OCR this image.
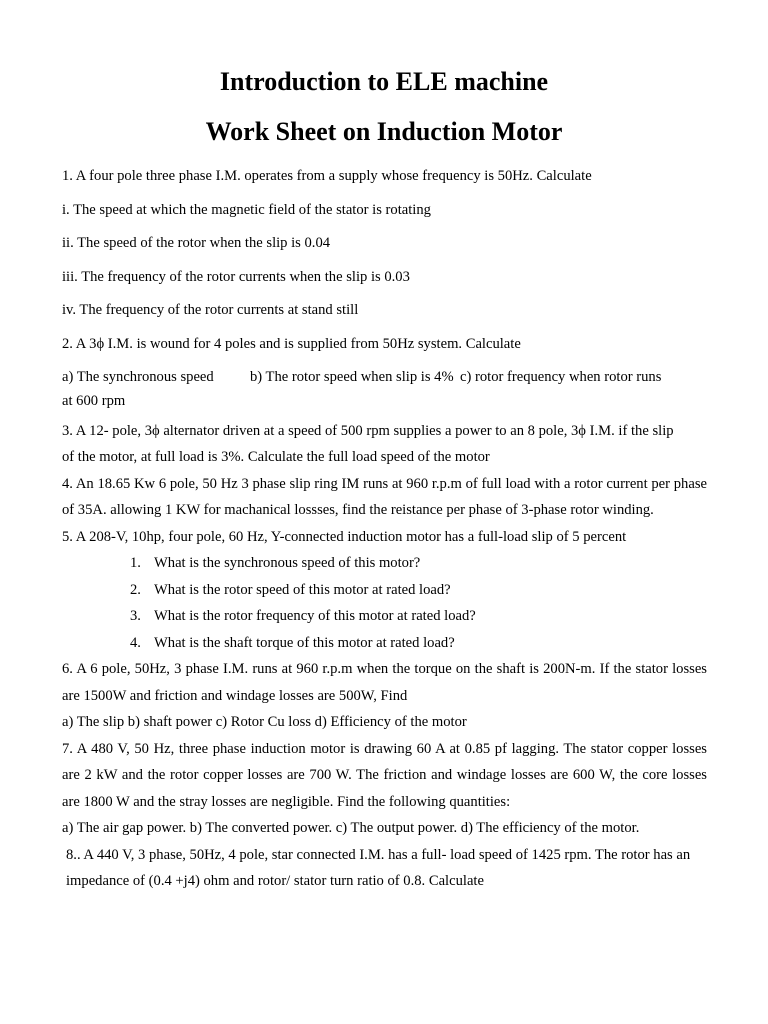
Introduction to ELE machine
Work Sheet on Induction Motor

1. A four pole three phase I.M. operates from a supply whose frequency is 50Hz. Calculate

i. The speed at which the magnetic field of the stator is rotating

ii. The speed of the rotor when the slip is 0.04

iii. The frequency of the rotor currents when the slip is 0.03

iv. The frequency of the rotor currents at stand still

2. A 3ϕ I.M. is wound for 4 poles and is supplied from 50Hz system. Calculate

a) The synchronous speed	b) The rotor speed when slip is 4% c) rotor frequency when rotor runs

at 600 rpm

3. A 12- pole, 3ϕ alternator driven at a speed of 500 rpm supplies a power to an 8 pole, 3ϕ I.M. if the slip

of the motor, at full load is 3%. Calculate the full load speed of the motor

4. An 18.65 Kw 6 pole, 50 Hz 3 phase slip ring IM runs at 960 r.p.m of full load with a rotor current per phase of 35A. allowing 1 KW for machanical lossses, find the reistance per phase of 3-phase rotor winding.

5. A 208-V, 10hp, four pole, 60 Hz, Y-connected induction motor has a full-load slip of 5 percent

1. What is the synchronous speed of this motor?
2. What is the rotor speed of this motor at rated load?
3. What is the rotor frequency of this motor at rated load?
4. What is the shaft torque of this motor at rated load?

6. A 6 pole, 50Hz, 3 phase I.M. runs at 960 r.p.m when the torque on the shaft is 200N-m. If the stator losses are 1500W and friction and windage losses are 500W, Find

a) The slip b) shaft power c) Rotor Cu loss d) Efficiency of the motor

7. A 480 V, 50 Hz, three phase induction motor is drawing 60 A at 0.85 pf lagging. The stator copper losses are 2 kW and the rotor copper losses are 700 W. The friction and windage losses are 600 W, the core losses are 1800 W and the stray losses are negligible. Find the following quantities:

a) The air gap power. b) The converted power. c) The output power. d) The efficiency of the motor.

8.. A 440 V, 3 phase, 50Hz, 4 pole, star connected I.M. has a full- load speed of 1425 rpm. The rotor has an impedance of (0.4 +j4) ohm and rotor/ stator turn ratio of 0.8. Calculate
